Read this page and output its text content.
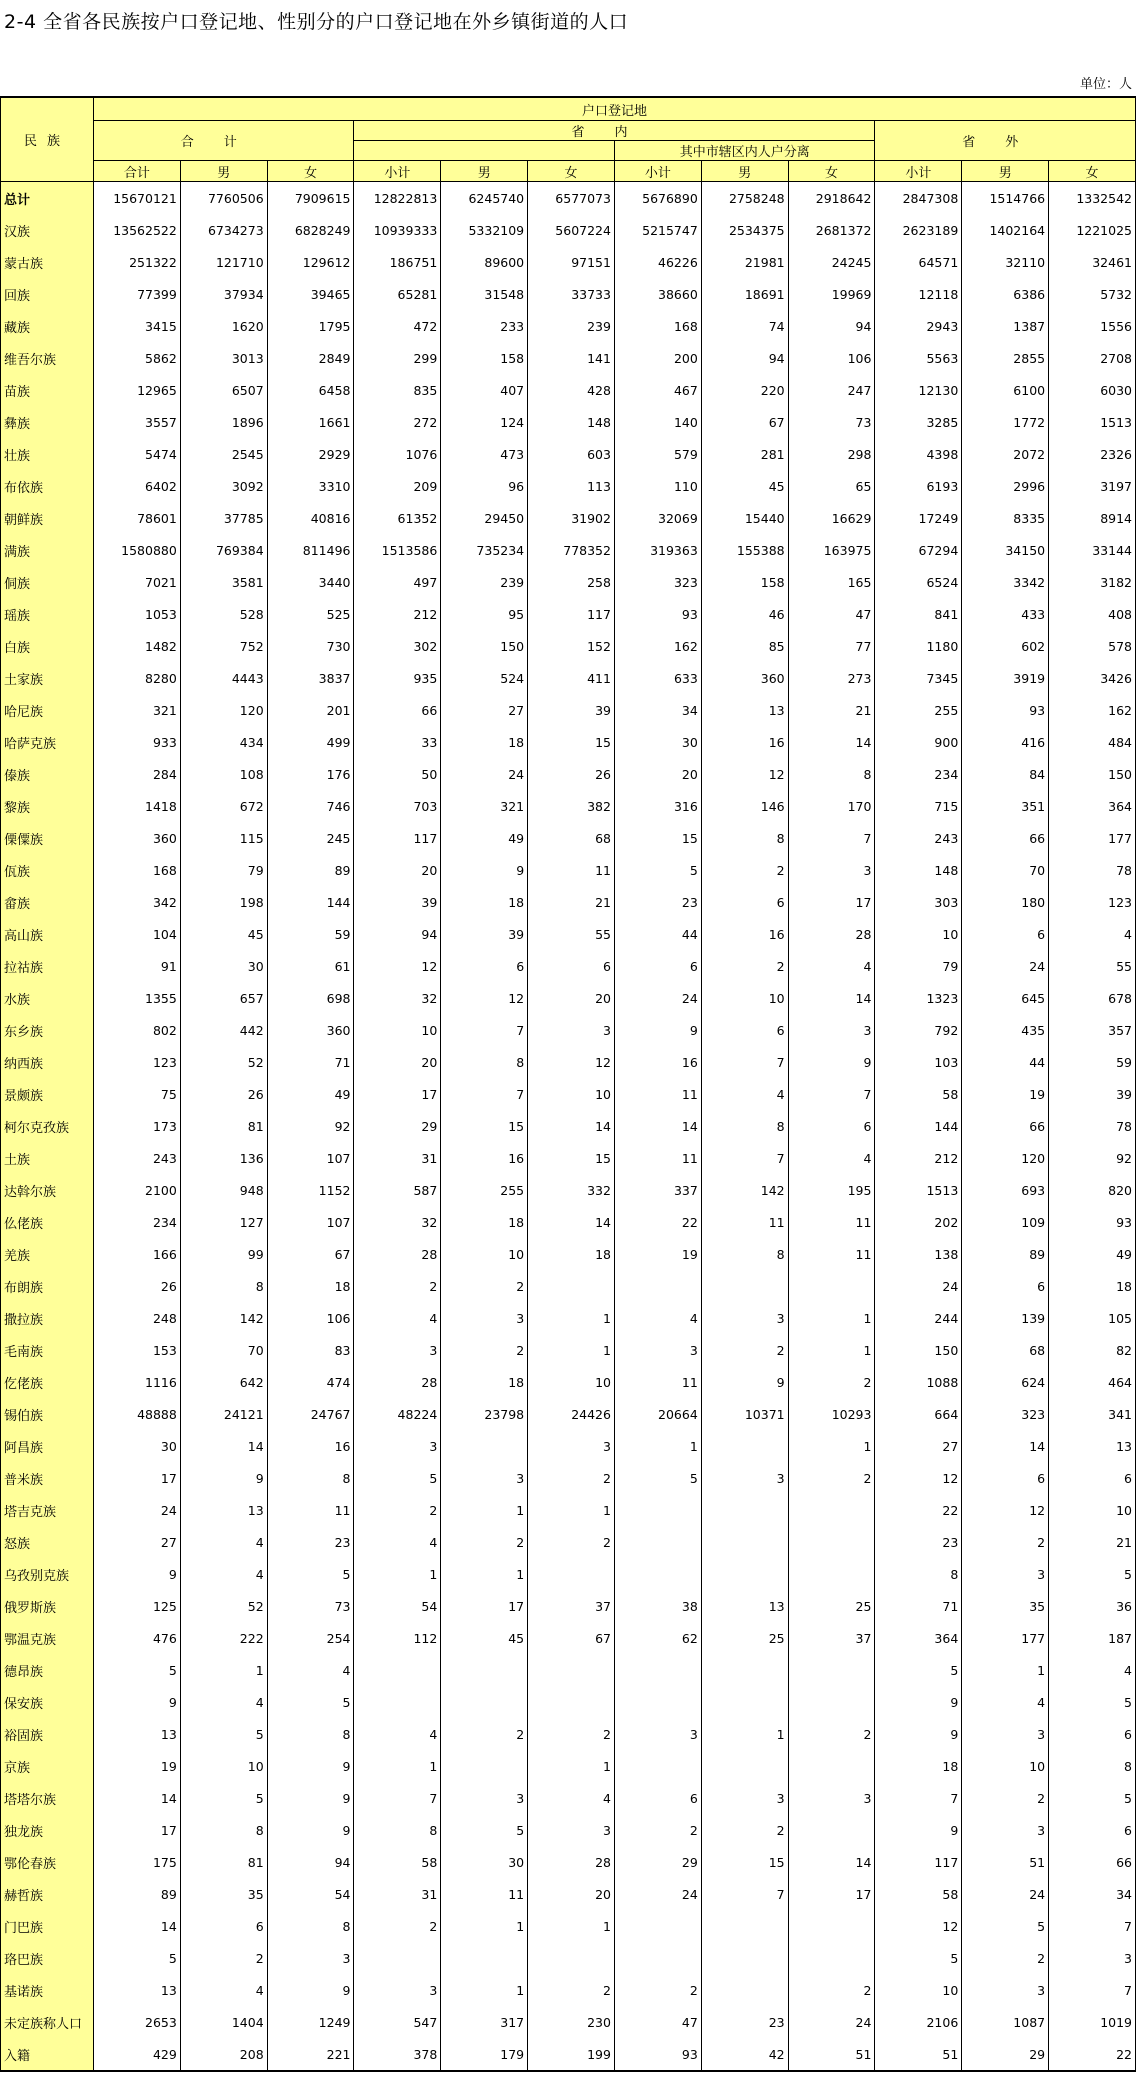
2-4 全省各民族按户口登记地、性别分的户口登记地在外乡镇街道的人口
单位：人
民族	户口登记地											
	合计			省内						省外		
							其中市辖区内人户分离					
	合计	男	女	小计	男	女	小计	男	女	小计	男	女
总计	15670121	7760506	7909615	12822813	6245740	6577073	5676890	2758248	2918642	2847308	1514766	1332542
汉族	13562522	6734273	6828249	10939333	5332109	5607224	5215747	2534375	2681372	2623189	1402164	1221025
蒙古族	251322	121710	129612	186751	89600	97151	46226	21981	24245	64571	32110	32461
回族	77399	37934	39465	65281	31548	33733	38660	18691	19969	12118	6386	5732
藏族	3415	1620	1795	472	233	239	168	74	94	2943	1387	1556
维吾尔族	5862	3013	2849	299	158	141	200	94	106	5563	2855	2708
苗族	12965	6507	6458	835	407	428	467	220	247	12130	6100	6030
彝族	3557	1896	1661	272	124	148	140	67	73	3285	1772	1513
壮族	5474	2545	2929	1076	473	603	579	281	298	4398	2072	2326
布依族	6402	3092	3310	209	96	113	110	45	65	6193	2996	3197
朝鲜族	78601	37785	40816	61352	29450	31902	32069	15440	16629	17249	8335	8914
满族	1580880	769384	811496	1513586	735234	778352	319363	155388	163975	67294	34150	33144
侗族	7021	3581	3440	497	239	258	323	158	165	6524	3342	3182
瑶族	1053	528	525	212	95	117	93	46	47	841	433	408
白族	1482	752	730	302	150	152	162	85	77	1180	602	578
土家族	8280	4443	3837	935	524	411	633	360	273	7345	3919	3426
哈尼族	321	120	201	66	27	39	34	13	21	255	93	162
哈萨克族	933	434	499	33	18	15	30	16	14	900	416	484
傣族	284	108	176	50	24	26	20	12	8	234	84	150
黎族	1418	672	746	703	321	382	316	146	170	715	351	364
傈僳族	360	115	245	117	49	68	15	8	7	243	66	177
佤族	168	79	89	20	9	11	5	2	3	148	70	78
畲族	342	198	144	39	18	21	23	6	17	303	180	123
高山族	104	45	59	94	39	55	44	16	28	10	6	4
拉祜族	91	30	61	12	6	6	6	2	4	79	24	55
水族	1355	657	698	32	12	20	24	10	14	1323	645	678
东乡族	802	442	360	10	7	3	9	6	3	792	435	357
纳西族	123	52	71	20	8	12	16	7	9	103	44	59
景颇族	75	26	49	17	7	10	11	4	7	58	19	39
柯尔克孜族	173	81	92	29	15	14	14	8	6	144	66	78
土族	243	136	107	31	16	15	11	7	4	212	120	92
达斡尔族	2100	948	1152	587	255	332	337	142	195	1513	693	820
仫佬族	234	127	107	32	18	14	22	11	11	202	109	93
羌族	166	99	67	28	10	18	19	8	11	138	89	49
布朗族	26	8	18	2	2					24	6	18
撒拉族	248	142	106	4	3	1	4	3	1	244	139	105
毛南族	153	70	83	3	2	1	3	2	1	150	68	82
仡佬族	1116	642	474	28	18	10	11	9	2	1088	624	464
锡伯族	48888	24121	24767	48224	23798	24426	20664	10371	10293	664	323	341
阿昌族	30	14	16	3		3	1		1	27	14	13
普米族	17	9	8	5	3	2	5	3	2	12	6	6
塔吉克族	24	13	11	2	1	1				22	12	10
怒族	27	4	23	4	2	2				23	2	21
乌孜别克族	9	4	5	1	1					8	3	5
俄罗斯族	125	52	73	54	17	37	38	13	25	71	35	36
鄂温克族	476	222	254	112	45	67	62	25	37	364	177	187
德昂族	5	1	4							5	1	4
保安族	9	4	5							9	4	5
裕固族	13	5	8	4	2	2	3	1	2	9	3	6
京族	19	10	9	1		1				18	10	8
塔塔尔族	14	5	9	7	3	4	6	3	3	7	2	5
独龙族	17	8	9	8	5	3	2	2		9	3	6
鄂伦春族	175	81	94	58	30	28	29	15	14	117	51	66
赫哲族	89	35	54	31	11	20	24	7	17	58	24	34
门巴族	14	6	8	2	1	1				12	5	7
珞巴族	5	2	3							5	2	3
基诺族	13	4	9	3	1	2	2		2	10	3	7
未定族称人口	2653	1404	1249	547	317	230	47	23	24	2106	1087	1019
入籍	429	208	221	378	179	199	93	42	51	51	29	22
